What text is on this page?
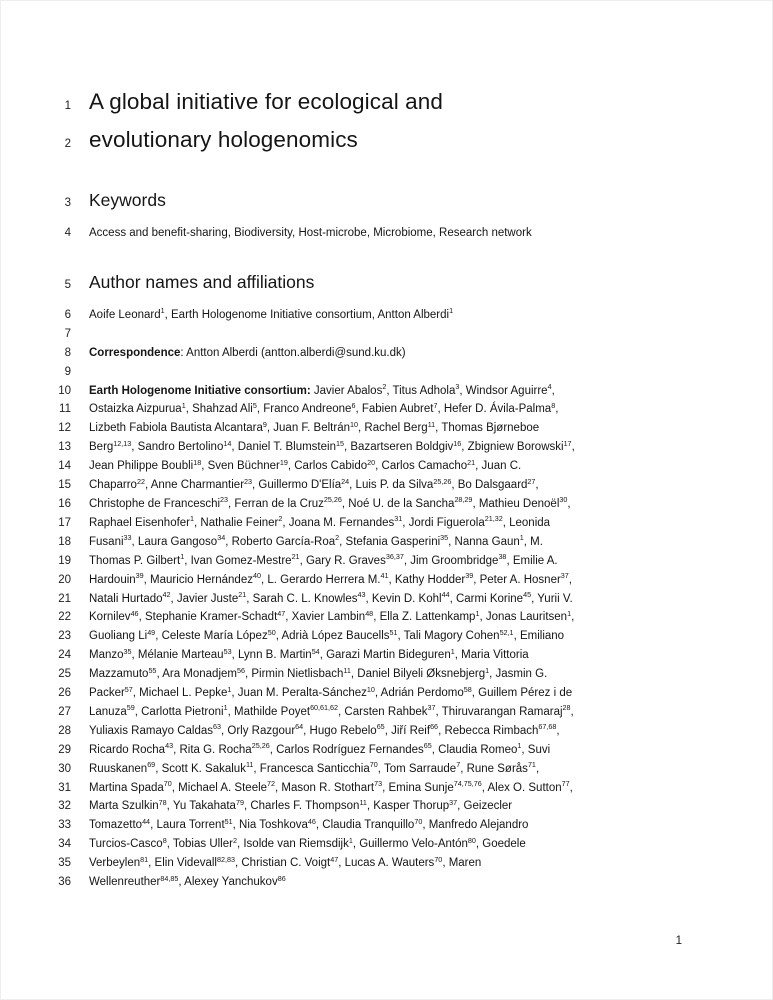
1 A global initiative for ecological and
2 evolutionary hologenomics
3 Keywords
4 Access and benefit-sharing, Biodiversity, Host-microbe, Microbiome, Research network
5 Author names and affiliations
6 Aoife Leonard$^1$, Earth Hologenome Initiative consortium, Antton Alberdi$^1$
7
8 Correspondence: Antton Alberdi (antton.alberdi@sund.ku.dk)
9
10 Earth Hologenome Initiative consortium: Javier Abalos$^2$, Titus Adhola$^3$, Windsor Aguirre$^4$,
11 Ostaizka Aizpurua$^1$, Shahzad Ali$^5$, Franco Andreone$^6$, Fabien Aubret$^7$, Hefer D. Ávila-Palma$^8$,
12 Lizbeth Fabiola Bautista Alcantara$^9$, Juan F. Beltrán$^{10}$, Rachel Berg$^{11}$, Thomas Bjørneboe
13 Berg$^{12,13}$, Sandro Bertolino$^{14}$, Daniel T. Blumstein$^{15}$, Bazartseren Boldgiv$^{16}$, Zbigniew Borowski$^{17}$,
14 Jean Philippe Boubli$^{18}$, Sven Büchner$^{19}$, Carlos Cabido$^{20}$, Carlos Camacho$^{21}$, Juan C.
15 Chaparro$^{22}$, Anne Charmantier$^{23}$, Guillermo D'Elía$^{24}$, Luis P. da Silva$^{25,26}$, Bo Dalsgaard$^{27}$,
16 Christophe de Franceschi$^{23}$, Ferran de la Cruz$^{25,26}$, Noé U. de la Sancha$^{28,29}$, Mathieu Denoël$^{30}$,
17 Raphael Eisenhofer$^1$, Nathalie Feiner$^2$, Joana M. Fernandes$^{31}$, Jordi Figuerola$^{21,32}$, Leonida
18 Fusani$^{33}$, Laura Gangoso$^{34}$, Roberto García-Roa$^2$, Stefania Gasperini$^{35}$, Nanna Gaun$^1$, M.
19 Thomas P. Gilbert$^1$, Ivan Gomez-Mestre$^{21}$, Gary R. Graves$^{36,37}$, Jim Groombridge$^{38}$, Emilie A.
20 Hardouin$^{39}$, Mauricio Hernández$^{40}$, L. Gerardo Herrera M.$^{41}$, Kathy Hodder$^{39}$, Peter A. Hosner$^{37}$,
21 Natali Hurtado$^{42}$, Javier Juste$^{21}$, Sarah C. L. Knowles$^{43}$, Kevin D. Kohl$^{44}$, Carmi Korine$^{45}$, Yurii V.
22 Kornilev$^{46}$, Stephanie Kramer-Schadt$^{47}$, Xavier Lambin$^{48}$, Ella Z. Lattenkamp$^1$, Jonas Lauritsen$^1$,
23 Guoliang Li$^{49}$, Celeste María López$^{50}$, Adrià López Baucells$^{51}$, Tali Magory Cohen$^{52,1}$, Emiliano
24 Manzo$^{35}$, Mélanie Marteau$^{53}$, Lynn B. Martin$^{54}$, Garazi Martin Bideguren$^1$, Maria Vittoria
25 Mazzamuto$^{55}$, Ara Monadjem$^{56}$, Pirmin Nietlisbach$^{11}$, Daniel Bilyeli Øksnebjerg$^1$, Jasmin G.
26 Packer$^{57}$, Michael L. Pepke$^1$, Juan M. Peralta-Sánchez$^{10}$, Adrián Perdomo$^{58}$, Guillem Pérez i de
27 Lanuza$^{59}$, Carlotta Pietroni$^1$, Mathilde Poyet$^{60,61,62}$, Carsten Rahbek$^{37}$, Thiruvarangan Ramaraj$^{28}$,
28 Yuliaxis Ramayo Caldas$^{63}$, Orly Razgour$^{64}$, Hugo Rebelo$^{65}$, Jiří Reif$^{66}$, Rebecca Rimbach$^{67,68}$,
29 Ricardo Rocha$^{43}$, Rita G. Rocha$^{25,26}$, Carlos Rodríguez Fernandes$^{65}$, Claudia Romeo$^1$, Suvi
30 Ruuskanen$^{69}$, Scott K. Sakaluk$^{11}$, Francesca Santicchia$^{70}$, Tom Sarraude$^7$, Rune Sørås$^{71}$,
31 Martina Spada$^{70}$, Michael A. Steele$^{72}$, Mason R. Stothart$^{73}$, Emina Sunje$^{74,75,76}$, Alex O. Sutton$^{77}$,
32 Marta Szulkin$^{78}$, Yu Takahata$^{79}$, Charles F. Thompson$^{11}$, Kasper Thorup$^{37}$, Geizecler
33 Tomazetto$^{44}$, Laura Torrent$^{51}$, Nia Toshkova$^{46}$, Claudia Tranquillo$^{70}$, Manfredo Alejandro
34 Turcios-Casco$^8$, Tobias Uller$^2$, Isolde van Riemsdijk$^1$, Guillermo Velo-Antón$^{80}$, Goedele
35 Verbeylen$^{81}$, Elin Videvall$^{82,83}$, Christian C. Voigt$^{47}$, Lucas A. Wauters$^{70}$, Maren
36 Wellenreuther$^{84,85}$, Alexey Yanchukov$^{86}$
1
